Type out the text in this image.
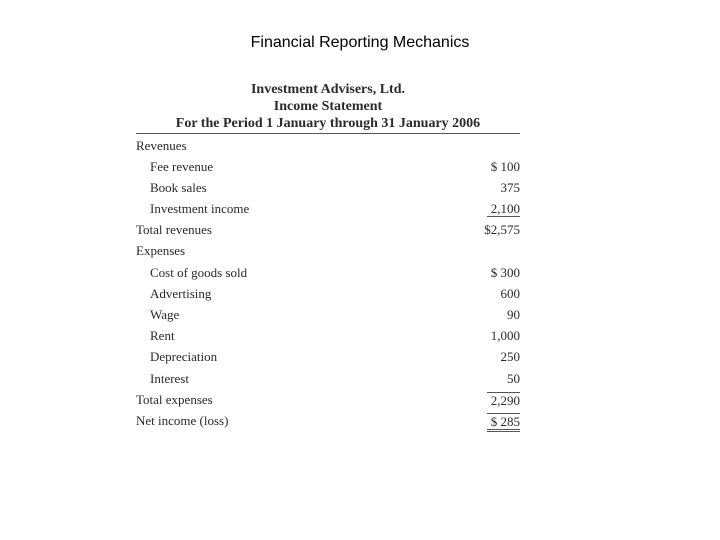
Financial Reporting Mechanics
Investment Advisers, Ltd.
Income Statement
For the Period 1 January through 31 January 2006
Revenues
Fee revenue	$ 100
Book sales	375
Investment income	2,100
Total revenues	$2,575
Expenses
Cost of goods sold	$ 300
Advertising	600
Wage	90
Rent	1,000
Depreciation	250
Interest	50
Total expenses	2,290
Net income (loss)	$ 285
